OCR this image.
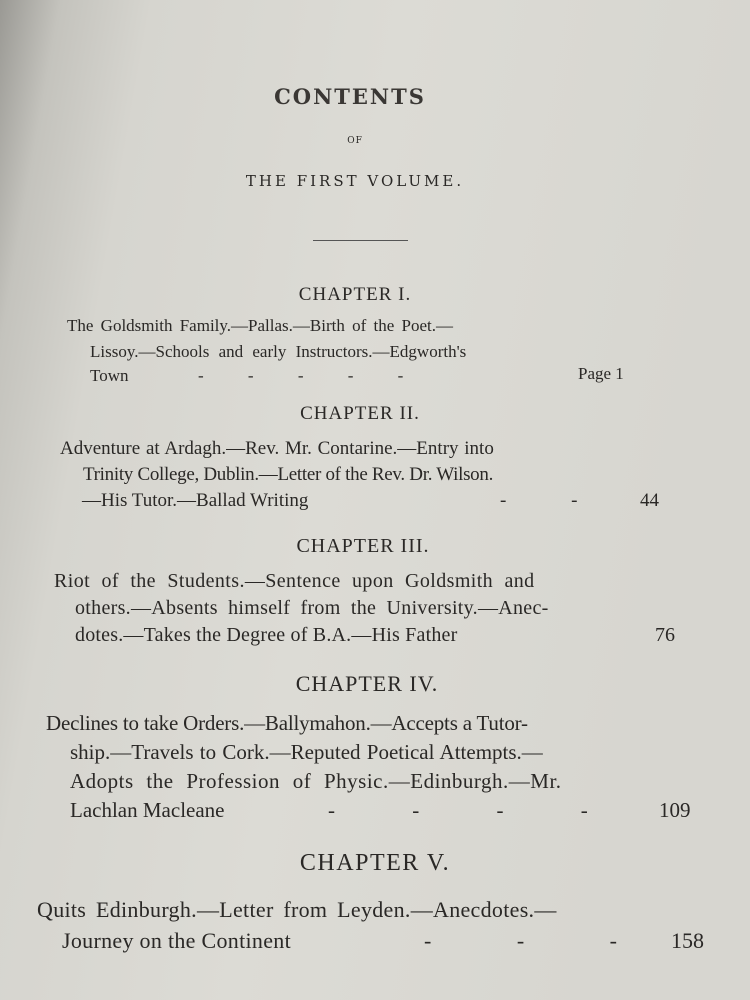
CONTENTS
OF
THE FIRST VOLUME.
CHAPTER I.
The Goldsmith Family.—Pallas.—Birth of the Poet.—
Lissoy.—Schools and early Instructors.—Edgworth's
Town	- - - - -	Page 1
CHAPTER II.
Adventure at Ardagh.—Rev. Mr. Contarine.—Entry into
Trinity College, Dublin.—Letter of the Rev. Dr. Wilson.
—His Tutor.—Ballad Writing	- -	44
CHAPTER III.
Riot of the Students.—Sentence upon Goldsmith and
others.—Absents himself from the University.—Anec-
dotes.—Takes the Degree of B.A.—His Father	76
CHAPTER IV.
Declines to take Orders.—Ballymahon.—Accepts a Tutor-
ship.—Travels to Cork.—Reputed Poetical Attempts.—
Adopts the Profession of Physic.—Edinburgh.—Mr.
Lachlan Macleane	- - - -	109
CHAPTER V.
Quits Edinburgh.—Letter from Leyden.—Anecdotes.—
Journey on the Continent	- - - 158
